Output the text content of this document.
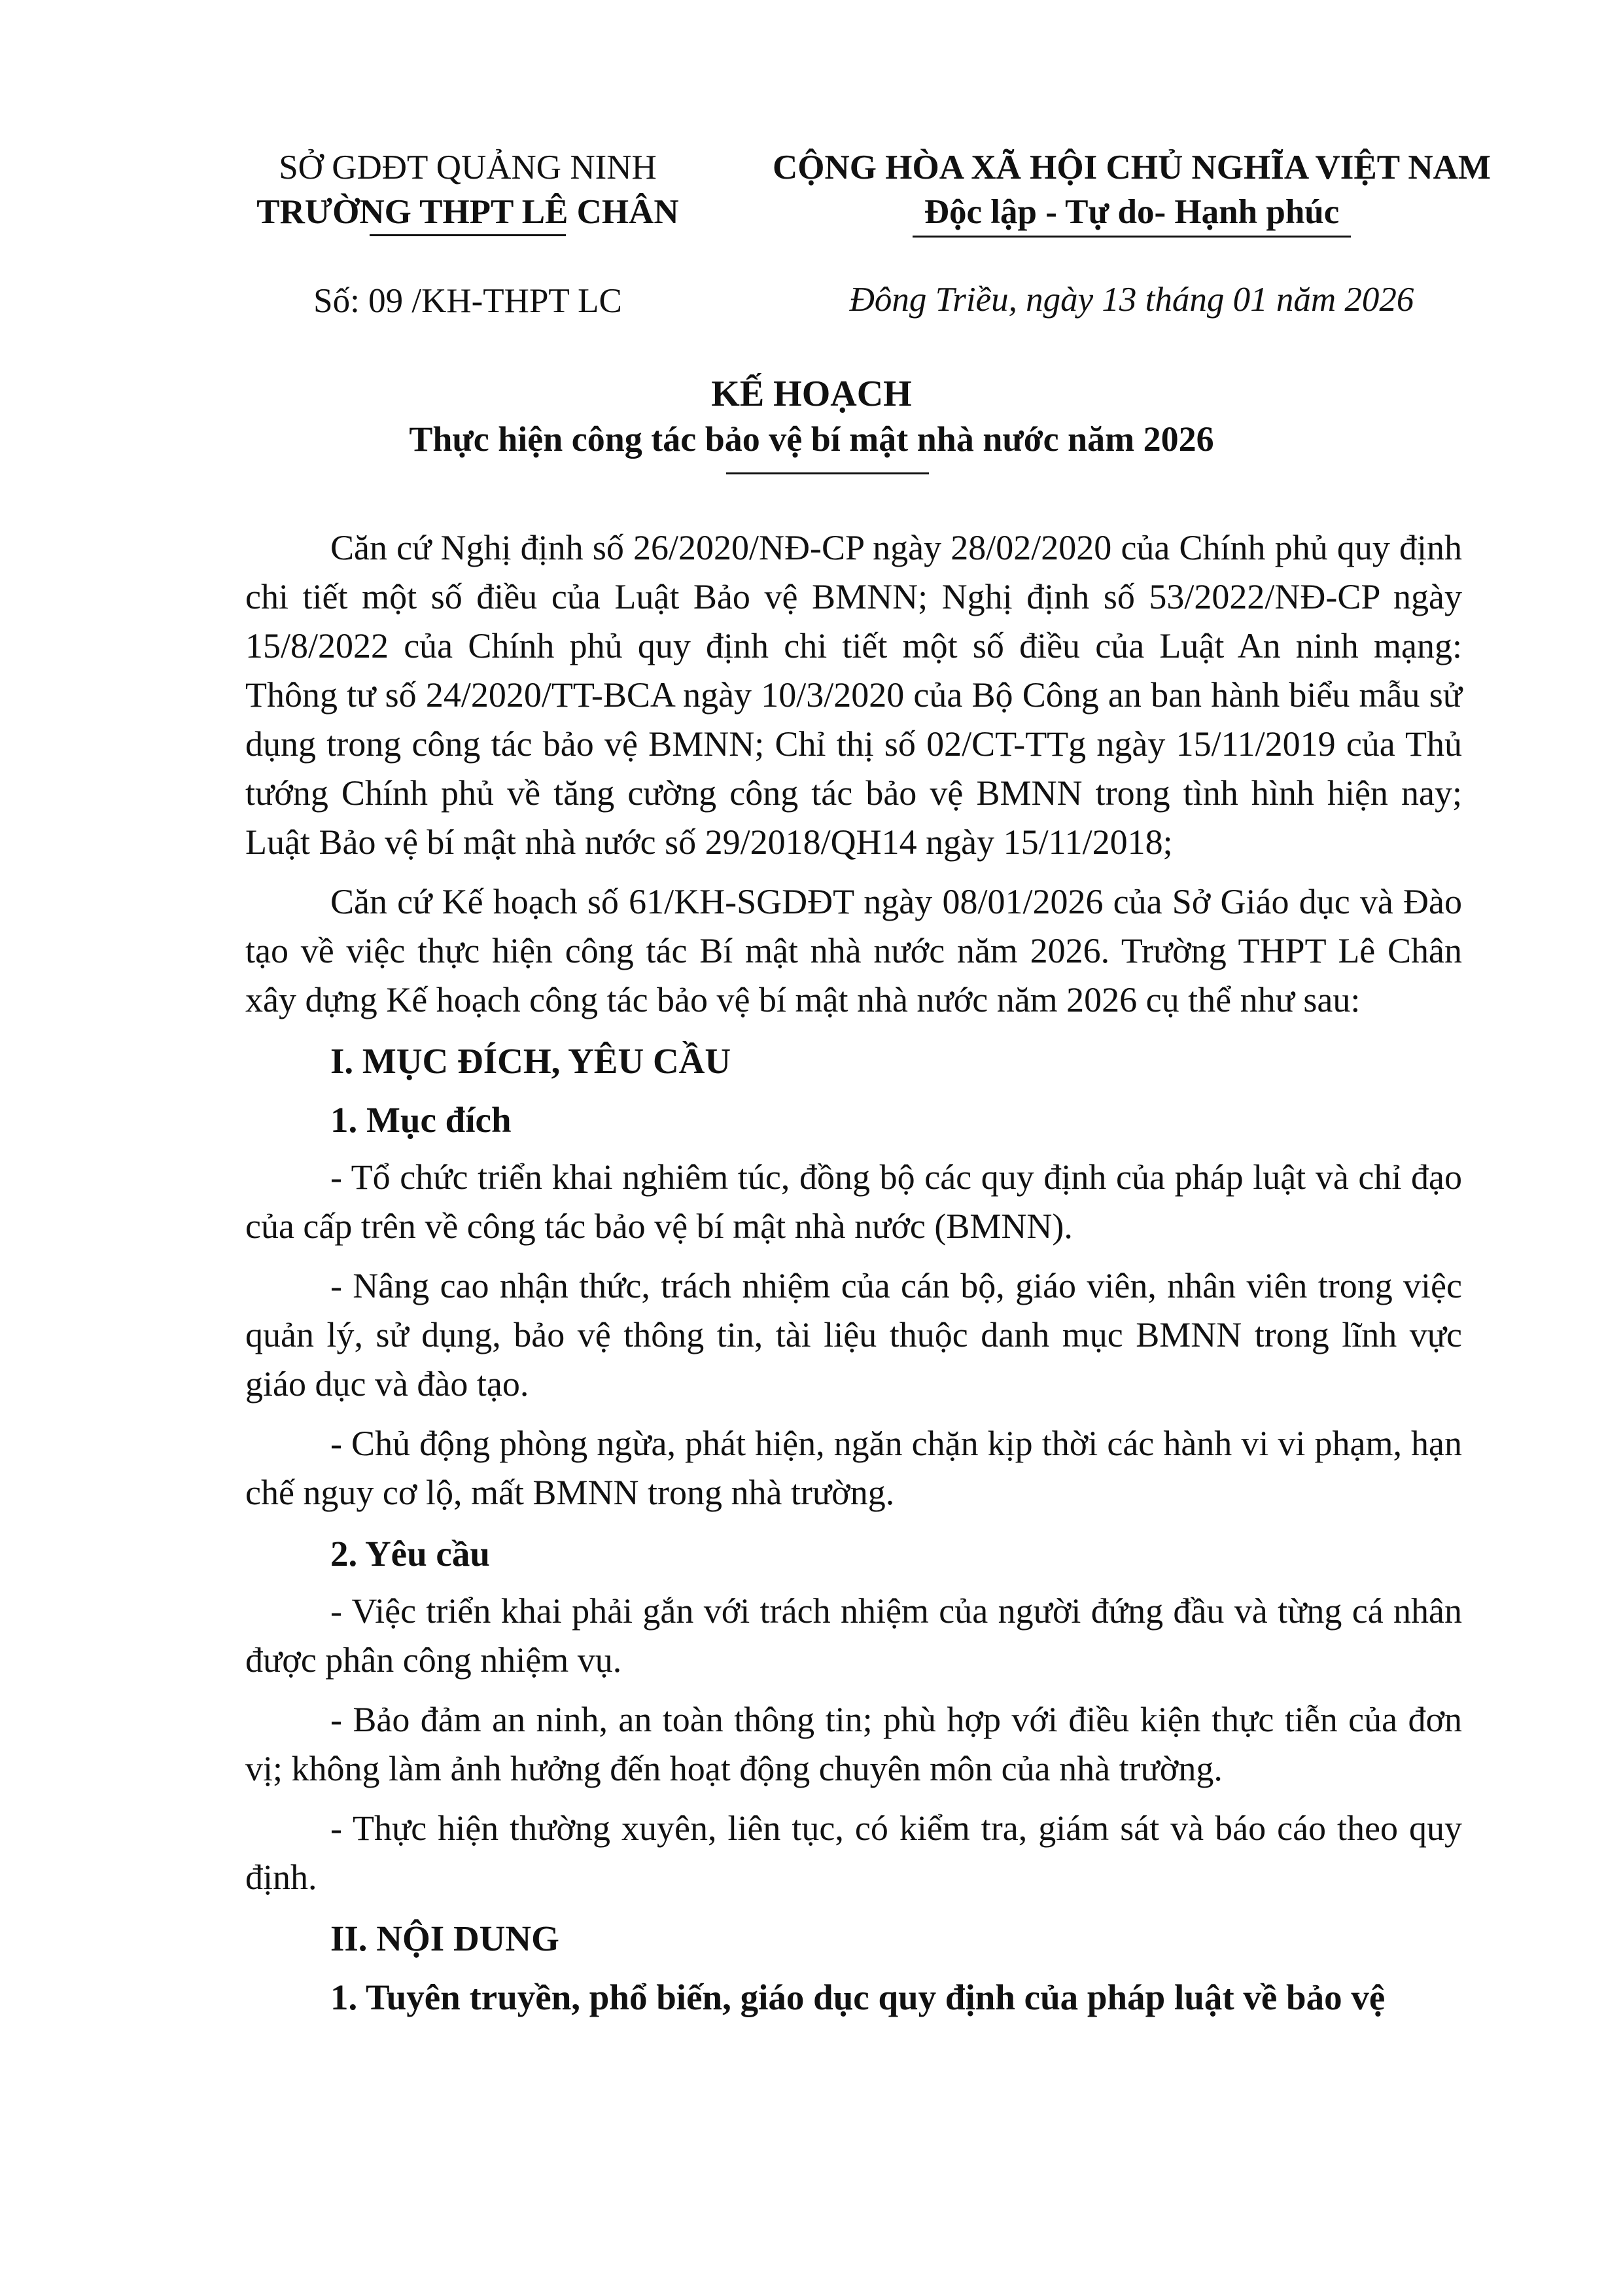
SỞ GDĐT QUẢNG NINH
TRƯỜNG THPT LÊ CHÂN
CỘNG HÒA XÃ HỘI CHỦ NGHĨA VIỆT NAM
Độc lập - Tự do- Hạnh phúc
Số: 09 /KH-THPT LC	Đông Triều, ngày 13 tháng 01 năm 2026
KẾ HOẠCH
Thực hiện công tác bảo vệ bí mật nhà nước năm 2026

Căn cứ Nghị định số 26/2020/NĐ-CP ngày 28/02/2020 của Chính phủ quy định chi tiết một số điều của Luật Bảo vệ BMNN; Nghị định số 53/2022/NĐ-CP ngày 15/8/2022 của Chính phủ quy định chi tiết một số điều của Luật An ninh mạng: Thông tư số 24/2020/TT-BCA ngày 10/3/2020 của Bộ Công an ban hành biểu mẫu sử dụng trong công tác bảo vệ BMNN; Chỉ thị số 02/CT-TTg ngày 15/11/2019 của Thủ tướng Chính phủ về tăng cường công tác bảo vệ BMNN trong tình hình hiện nay; Luật Bảo vệ bí mật nhà nước số 29/2018/QH14 ngày 15/11/2018;

Căn cứ Kế hoạch số 61/KH-SGDĐT ngày 08/01/2026 của Sở Giáo dục và Đào tạo về việc thực hiện công tác Bí mật nhà nước năm 2026. Trường THPT Lê Chân xây dựng Kế hoạch công tác bảo vệ bí mật nhà nước năm 2026 cụ thể như sau:

I. MỤC ĐÍCH, YÊU CẦU
1. Mục đích

- Tổ chức triển khai nghiêm túc, đồng bộ các quy định của pháp luật và chỉ đạo của cấp trên về công tác bảo vệ bí mật nhà nước (BMNN).

- Nâng cao nhận thức, trách nhiệm của cán bộ, giáo viên, nhân viên trong việc quản lý, sử dụng, bảo vệ thông tin, tài liệu thuộc danh mục BMNN trong lĩnh vực giáo dục và đào tạo.

- Chủ động phòng ngừa, phát hiện, ngăn chặn kịp thời các hành vi vi phạm, hạn chế nguy cơ lộ, mất BMNN trong nhà trường.

2. Yêu cầu

- Việc triển khai phải gắn với trách nhiệm của người đứng đầu và từng cá nhân được phân công nhiệm vụ.

- Bảo đảm an ninh, an toàn thông tin; phù hợp với điều kiện thực tiễn của đơn vị; không làm ảnh hưởng đến hoạt động chuyên môn của nhà trường.

- Thực hiện thường xuyên, liên tục, có kiểm tra, giám sát và báo cáo theo quy định.

II. NỘI DUNG
1. Tuyên truyền, phổ biến, giáo dục quy định của pháp luật về bảo vệ
